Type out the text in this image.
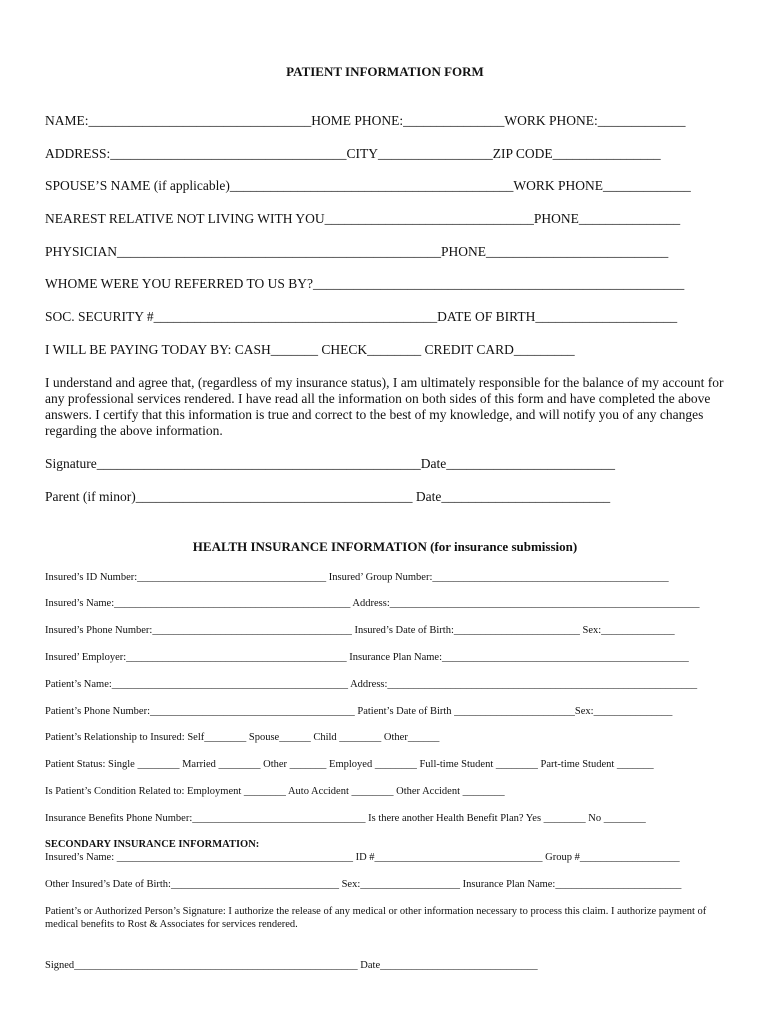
PATIENT INFORMATION FORM
NAME:_________________________________HOME PHONE:_______________WORK PHONE:_____________
ADDRESS:___________________________________CITY_________________ZIP CODE________________
SPOUSE’S NAME (if applicable)__________________________________________WORK PHONE_____________
NEAREST RELATIVE NOT LIVING WITH YOU_______________________________PHONE_______________
PHYSICIAN________________________________________________PHONE___________________________
WHOME WERE YOU REFERRED TO US BY?_______________________________________________________
SOC. SECURITY #__________________________________________DATE OF BIRTH_____________________
I WILL BE PAYING TODAY BY: CASH_______ CHECK________ CREDIT CARD_________
I understand and agree that, (regardless of my insurance status), I am ultimately responsible for the balance of my account for any professional services rendered. I have read all the information on both sides of this form and have completed the above answers. I certify that this information is true and correct to the best of my knowledge, and will notify you of any changes regarding the above information.
Signature________________________________________________Date_________________________
Parent (if minor)_________________________________________ Date_________________________
HEALTH INSURANCE INFORMATION (for insurance submission)
Insured’s ID Number:____________________________________ Insured’ Group Number:_____________________________________________
Insured’s Name:_____________________________________________ Address:___________________________________________________________
Insured’s Phone Number:______________________________________ Insured’s Date of Birth:________________________ Sex:______________
Insured’ Employer:__________________________________________ Insurance Plan Name:_______________________________________________
Patient’s Name:_____________________________________________ Address:___________________________________________________________
Patient’s Phone Number:_______________________________________ Patient’s Date of Birth _______________________Sex:_______________
Patient’s Relationship to Insured: Self________ Spouse______ Child ________ Other______
Patient Status: Single ________ Married ________ Other _______ Employed ________ Full-time Student ________ Part-time Student _______
Is Patient’s Condition Related to: Employment ________ Auto Accident ________ Other Accident ________
Insurance Benefits Phone Number:_________________________________ Is there another Health Benefit Plan? Yes ________ No ________
SECONDARY INSURANCE INFORMATION:
Insured’s Name: _____________________________________________ ID #________________________________ Group #___________________
Other Insured’s Date of Birth:________________________________ Sex:___________________ Insurance Plan Name:________________________
Patient’s or Authorized Person’s Signature: I authorize the release of any medical or other information necessary to process this claim. I authorize payment of medical benefits to Rost & Associates for services rendered.
Signed______________________________________________________ Date______________________________
